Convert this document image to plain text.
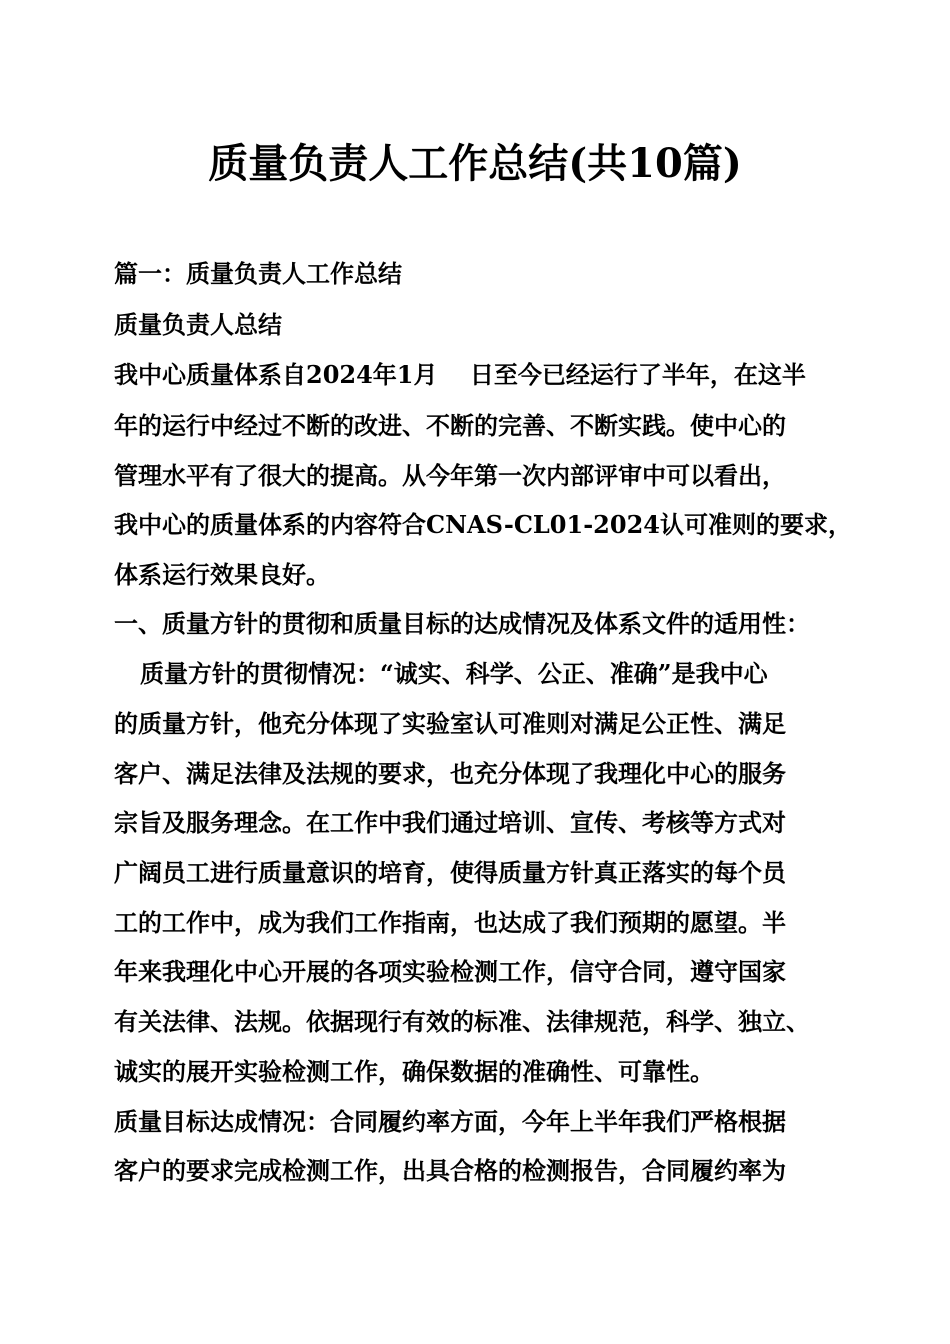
质量负责人工作总结(共10篇)
篇一：质量负责人工作总结
质量负责人总结
我中心质量体系自2024年1月　 日至今已经运行了半年，在这半
年的运行中经过不断的改进、不断的完善、不断实践。使中心的
管理水平有了很大的提高。从今年第一次内部评审中可以看出，
我中心的质量体系的内容符合CNAS-CL01-2024认可准则的要求，
体系运行效果良好。
一、质量方针的贯彻和质量目标的达成情况及体系文件的适用性：
质量方针的贯彻情况：“诚实、科学、公正、准确”是我中心
的质量方针，他充分体现了实验室认可准则对满足公正性、满足
客户、满足法律及法规的要求，也充分体现了我理化中心的服务
宗旨及服务理念。在工作中我们通过培训、宣传、考核等方式对
广阔员工进行质量意识的培育，使得质量方针真正落实的每个员
工的工作中，成为我们工作指南，也达成了我们预期的愿望。半
年来我理化中心开展的各项实验检测工作，信守合同，遵守国家
有关法律、法规。依据现行有效的标准、法律规范，科学、独立、
诚实的展开实验检测工作，确保数据的准确性、可靠性。
质量目标达成情况：合同履约率方面，今年上半年我们严格根据
客户的要求完成检测工作，出具合格的检测报告，合同履约率为
